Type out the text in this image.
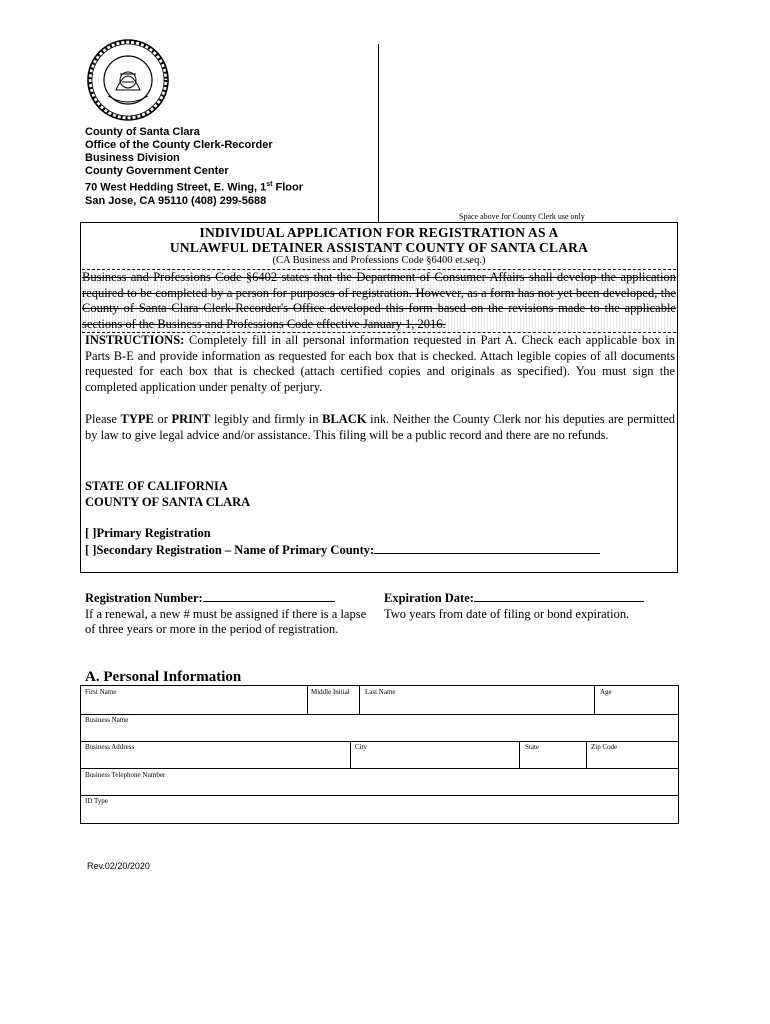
County of Santa Clara
Office of the County Clerk-Recorder
Business Division
County Government Center
70 West Hedding Street, E. Wing, 1st Floor
San Jose, CA 95110 (408) 299-5688
Space above for County Clerk use only
INDIVIDUAL APPLICATION FOR REGISTRATION AS A
UNLAWFUL DETAINER ASSISTANT COUNTY OF SANTA CLARA
(CA Business and Professions Code §6400 et.seq.)
Business and Professions Code §6402 states that the Department of Consumer Affairs shall develop the application required to be completed by a person for purposes of registration. However, as a form has not yet been developed, the County of Santa Clara Clerk-Recorder's Office developed this form based on the revisions made to the applicable sections of the Business and Professions Code effective January 1, 2016.
INSTRUCTIONS: Completely fill in all personal information requested in Part A. Check each applicable box in Parts B-E and provide information as requested for each box that is checked. Attach legible copies of all documents requested for each box that is checked (attach certified copies and originals as specified). You must sign the completed application under penalty of perjury.
Please TYPE or PRINT legibly and firmly in BLACK ink. Neither the County Clerk nor his deputies are permitted by law to give legal advice and/or assistance. This filing will be a public record and there are no refunds.
STATE OF CALIFORNIA
COUNTY OF SANTA CLARA
[ ]Primary Registration
[ ]Secondary Registration – Name of Primary County:
Registration Number:
If a renewal, a new # must be assigned if there is a lapse of three years or more in the period of registration.
Expiration Date:
Two years from date of filing or bond expiration.
A. Personal Information
First Name	Middle Initial Last Name	Age
Business Name
Business Address	City	State	Zip Code
Business Telephone Number
ID Type
Rev.02/20/2020
